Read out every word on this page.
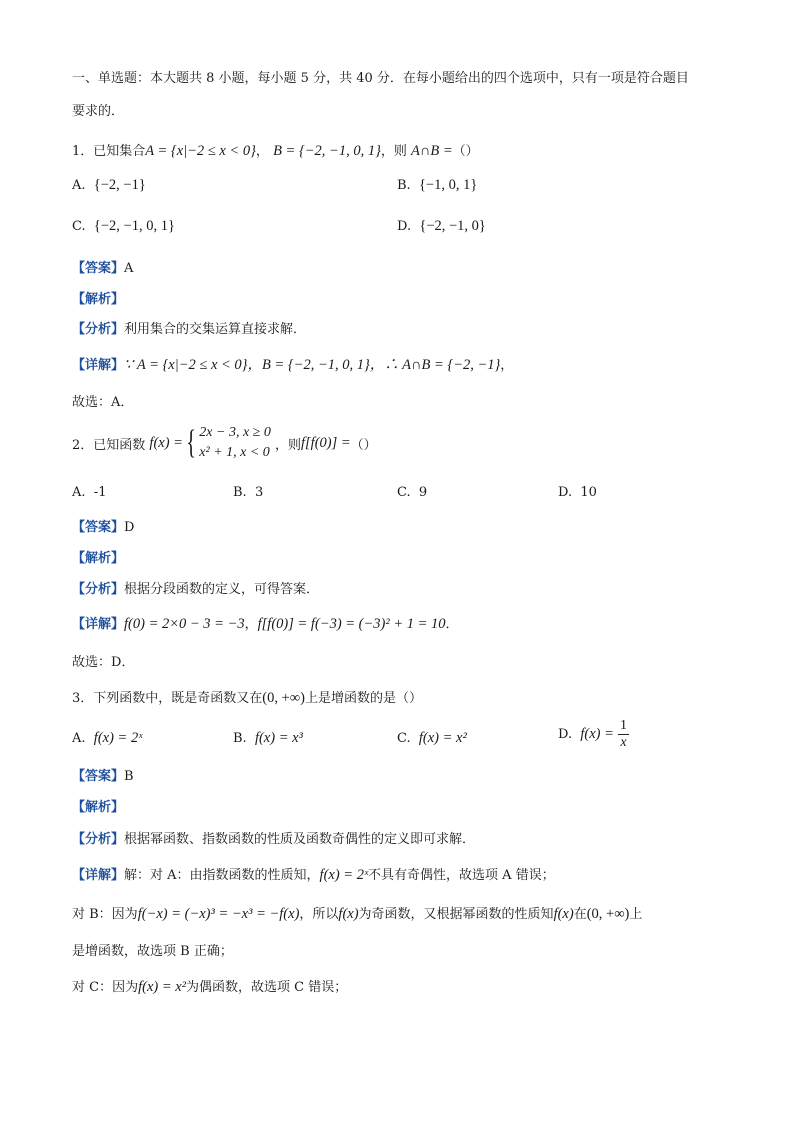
一、单选题：本大题共 8 小题，每小题 5 分，共 40 分．在每小题给出的四个选项中，只有一项是符合题目
要求的．
1．已知集合A = {x|−2 ≤ x < 0}， B = {−2, −1, 0, 1}，则 A∩B =（）
A. {−2, −1}	B. {−1, 0, 1}
C. {−2, −1, 0, 1}	D. {−2, −1, 0}
【答案】A
【解析】
【分析】利用集合的交集运算直接求解．
【详解】∵ A = {x|−2 ≤ x < 0}，B = {−2, −1, 0, 1}，∴ A∩B = {−2, −1}，
故选：A．
2．已知函数 f(x) ={ 2x − 3, x ≥ 0
x² + 1, x < 0 ，则f[f(0)] =（）
A. -1	B. 3	C. 9	D. 10
【答案】D
【解析】
【分析】根据分段函数的定义，可得答案．
【详解】f(0) = 2×0 − 3 = −3，f[f(0)] = f(−3) = (−3)² + 1 = 10．
故选：D．
3．下列函数中，既是奇函数又在(0, +∞)上是增函数的是（）
A. f(x) = 2ˣ	B. f(x) = x³	C. f(x) = x²	D. $f(x) = \frac{1}{x}$
【答案】B
【解析】
【分析】根据幂函数、指数函数的性质及函数奇偶性的定义即可求解．
【详解】解：对 A：由指数函数的性质知，f(x) = 2ˣ不具有奇偶性，故选项 A 错误；
对 B：因为f(−x) = (−x)³ = −x³ = −f(x)，所以f(x)为奇函数，又根据幂函数的性质知f(x)在(0, +∞)上
是增函数，故选项 B 正确；
对 C：因为f(x) = x²为偶函数，故选项 C 错误；
